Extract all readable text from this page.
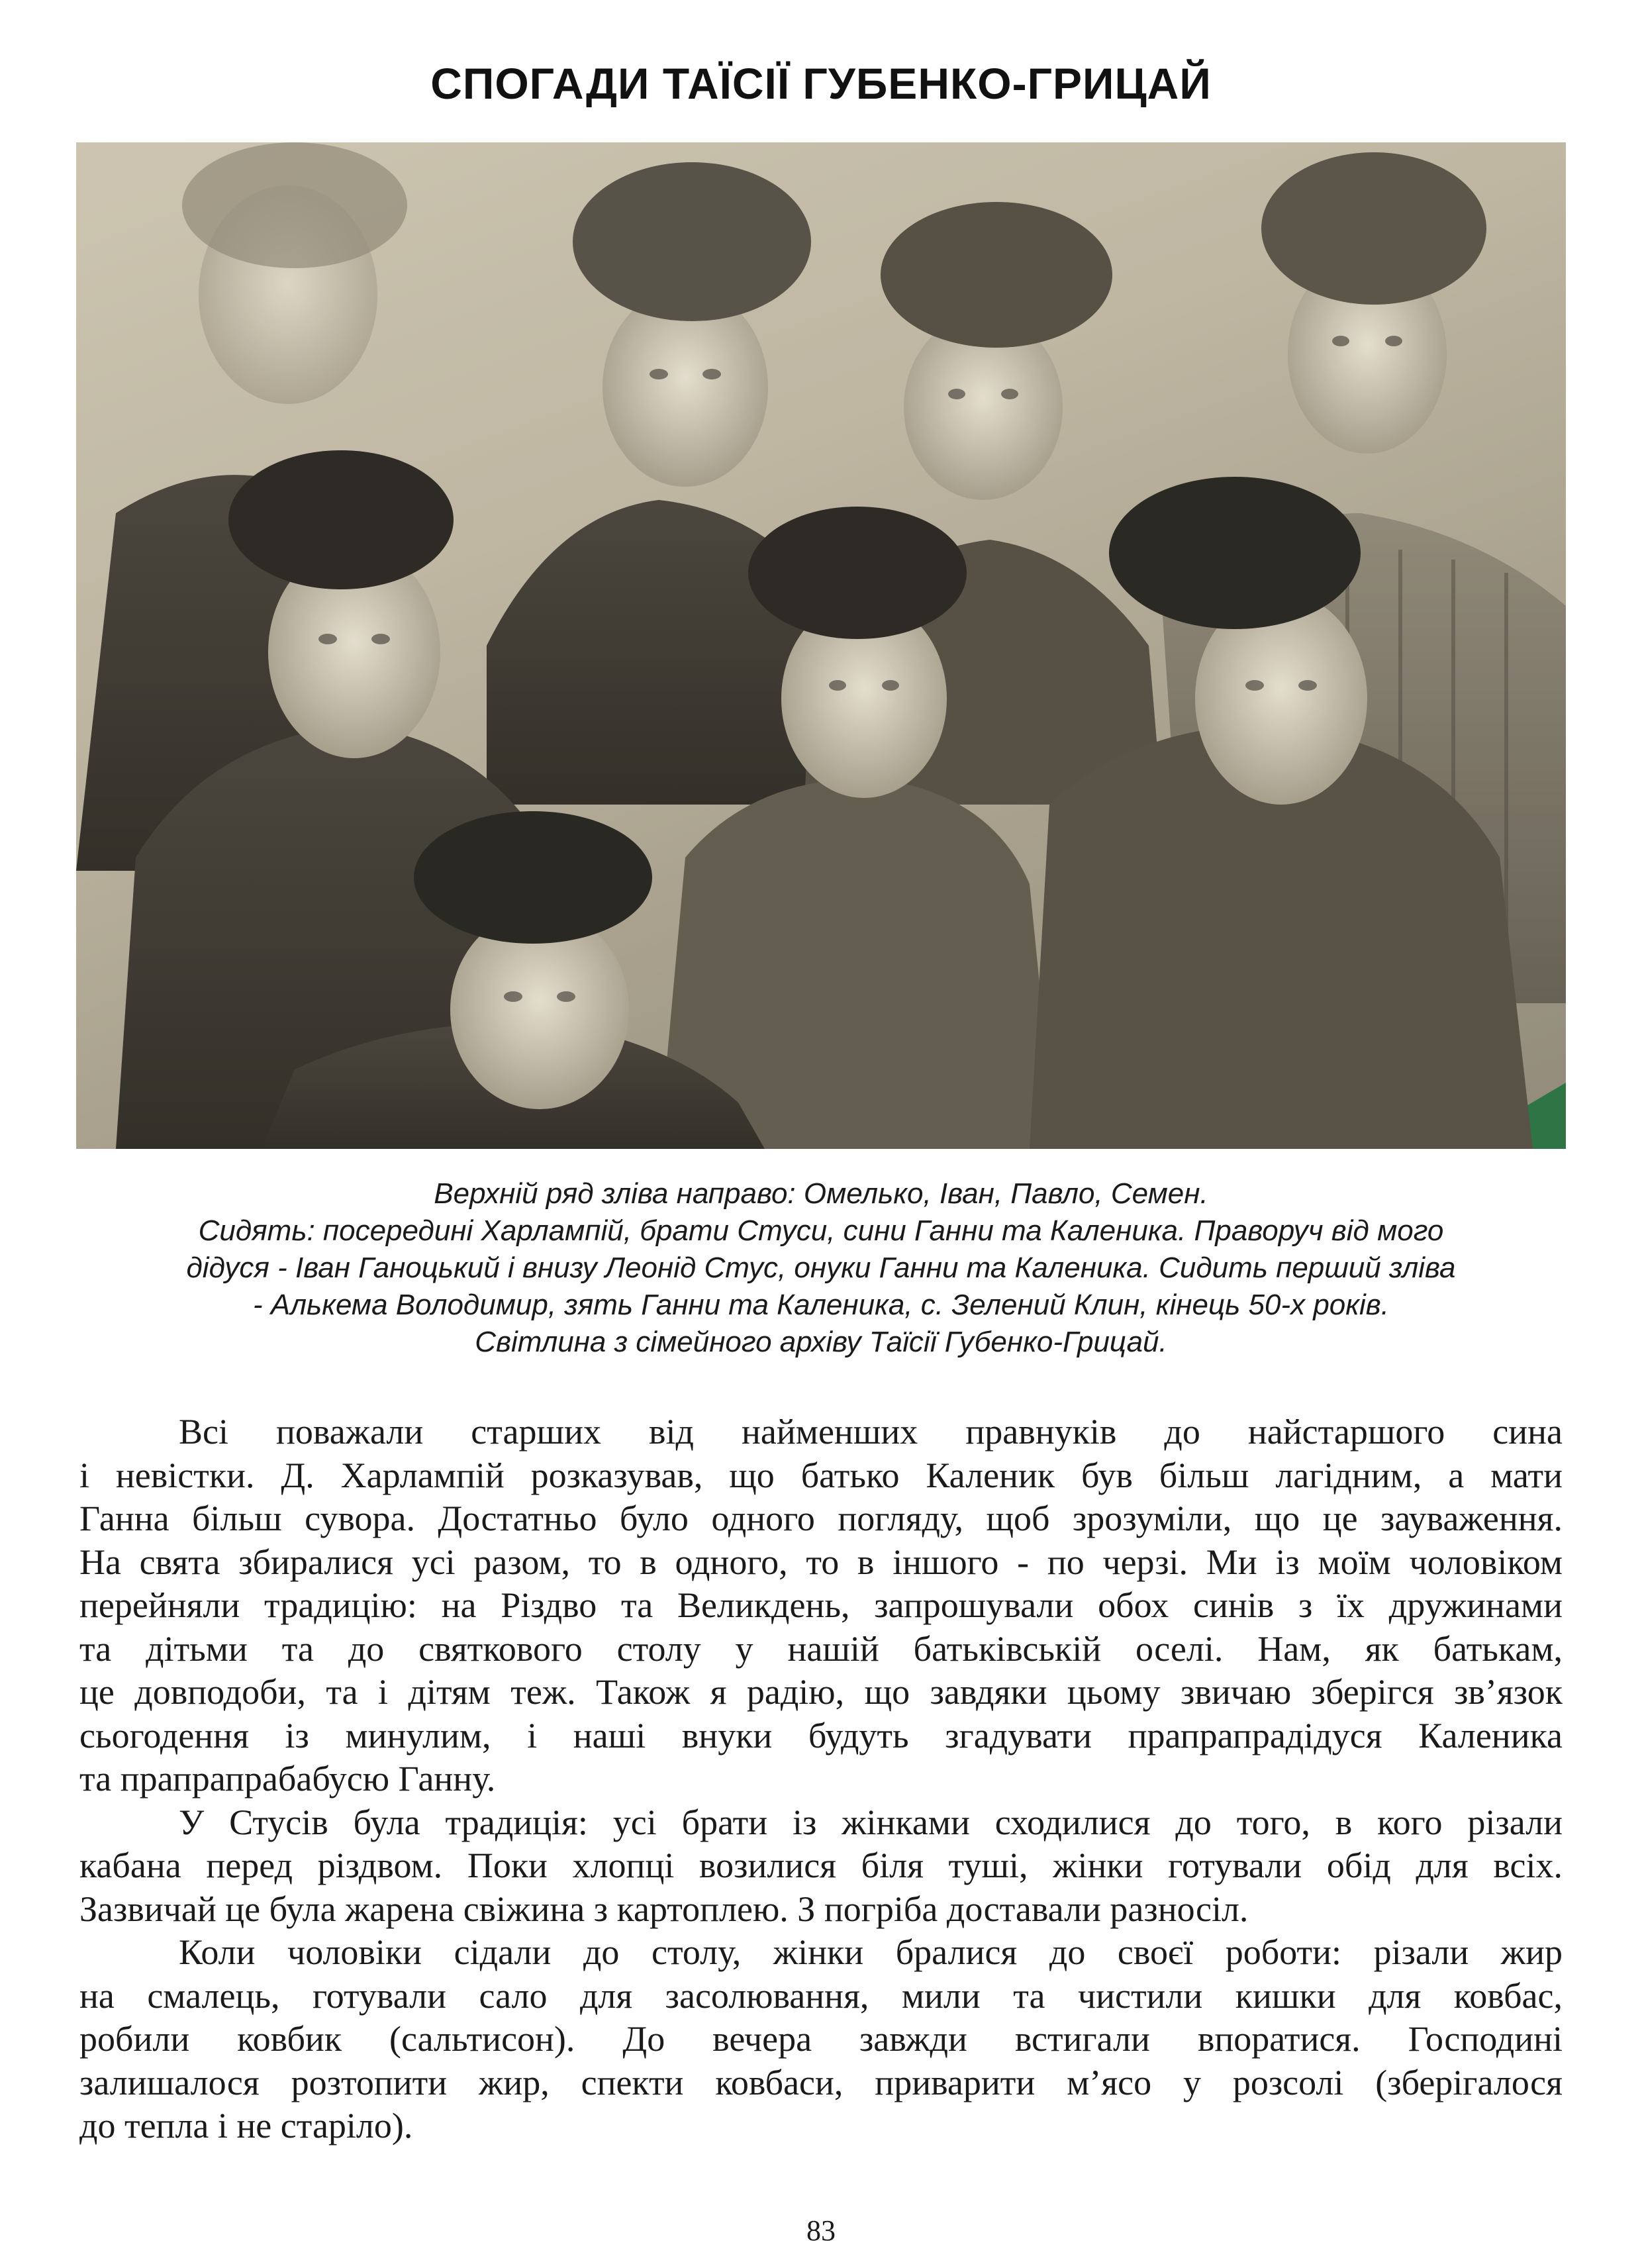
СПОГАДИ ТАЇСІЇ ГУБЕНКО-ГРИЦАЙ
Верхній ряд зліва направо: Омелько, Іван, Павло, Семен.
Сидять: посередині Харлампій, брати Стуси, сини Ганни та Каленика. Праворуч від мого
дідуся - Іван Ганоцький і внизу Леонід Стус, онуки Ганни та Каленика. Сидить перший зліва
- Алькема Володимир, зять Ганни та Каленика, с. Зелений Клин, кінець 50-х років.
Світлина з сімейного архіву Таїсії Губенко-Грицай.
Всі поважали старших від найменших правнуків до найстаршого сина
і невістки. Д. Харлампій розказував, що батько Каленик був більш лагідним, а мати
Ганна більш сувора. Достатньо було одного погляду, щоб зрозуміли, що це зауваження.
На свята збиралися усі разом, то в одного, то в іншого - по черзі. Ми із моїм чоловіком
перейняли традицію: на Різдво та Великдень, запрошували обох синів з їх дружинами
та дітьми та до святкового столу у нашій батьківській оселі. Нам, як батькам,
це довподоби, та і дітям теж. Також я радію, що завдяки цьому звичаю зберігся зв’язок
сьогодення із минулим, і наші внуки будуть згадувати прапрапрадідуся Каленика
та прапрапрабабусю Ганну.
У Стусів була традиція: усі брати із жінками сходилися до того, в кого різали
кабана перед різдвом. Поки хлопці возилися біля туші, жінки готували обід для всіх.
Зазвичай це була жарена свіжина з картоплею. З погріба доставали разносіл.
Коли чоловіки сідали до столу, жінки бралися до своєї роботи: різали жир
на смалець, готували сало для засолювання, мили та чистили кишки для ковбас,
робили ковбик (сальтисон). До вечера завжди встигали впоратися. Господині
залишалося розтопити жир, спекти ковбаси, приварити м’ясо у розсолі (зберігалося
до тепла і не старіло).
83
